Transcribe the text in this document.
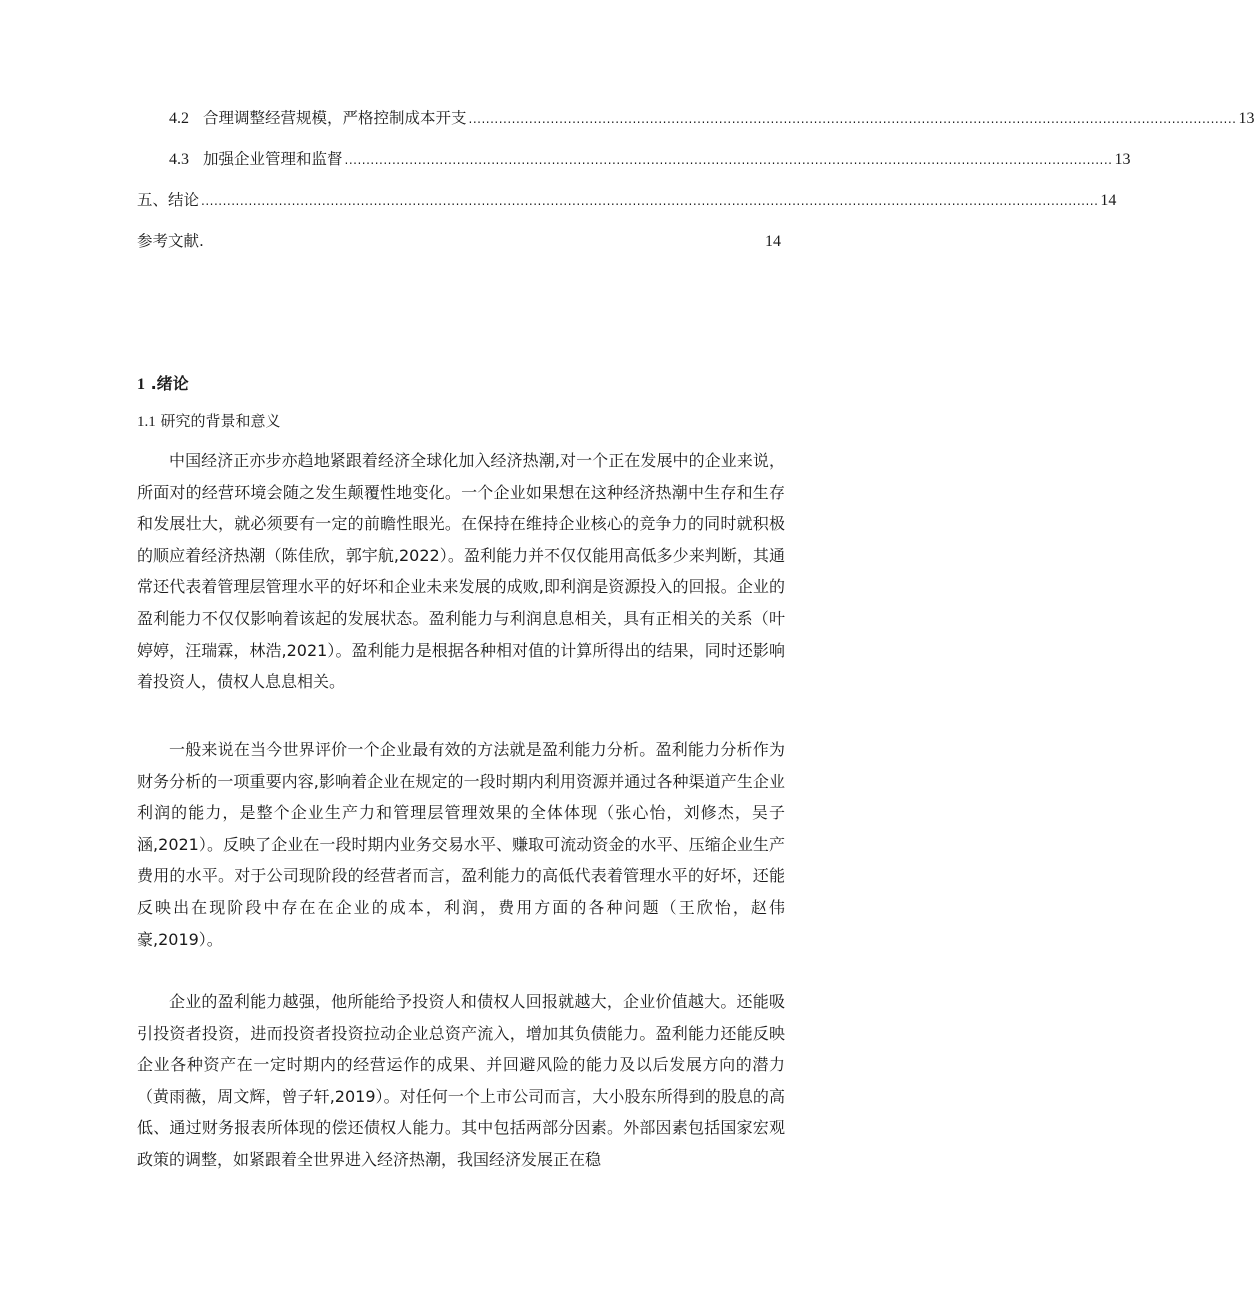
4.2 合理调整经营规模，严格控制成本开支 .................................................................................................................................................................................. 13
4.3 加强企业管理和监督 .................................................................................................................................................................................. 13
五、结论 ................................................................................................................................................................................................................ 14
参考文献.	14
1 .绪论
1.1 研究的背景和意义

中国经济正亦步亦趋地紧跟着经济全球化加入经济热潮,对一个正在发展中的企业来说，所面对的经营环境会随之发生颠覆性地变化。一个企业如果想在这种经济热潮中生存和生存和发展壮大，就必须要有一定的前瞻性眼光。在保持在维持企业核心的竞争力的同时就积极的顺应着经济热潮（陈佳欣，郭宇航,2022）。盈利能力并不仅仅能用高低多少来判断，其通常还代表着管理层管理水平的好坏和企业未来发展的成败,即利润是资源投入的回报。企业的盈利能力不仅仅影响着该起的发展状态。盈利能力与利润息息相关，具有正相关的关系（叶婷婷，汪瑞霖，林浩,2021）。盈利能力是根据各种相对值的计算所得出的结果，同时还影响着投资人，债权人息息相关。

一般来说在当今世界评价一个企业最有效的方法就是盈利能力分析。盈利能力分析作为财务分析的一项重要内容,影响着企业在规定的一段时期内利用资源并通过各种渠道产生企业利润的能力，是整个企业生产力和管理层管理效果的全体体现（张心怡，刘修杰，吴子涵,2021）。反映了企业在一段时期内业务交易水平、赚取可流动资金的水平、压缩企业生产费用的水平。对于公司现阶段的经营者而言，盈利能力的高低代表着管理水平的好坏，还能反映出在现阶段中存在在企业的成本，利润，费用方面的各种问题（王欣怡，赵伟豪,2019）。

企业的盈利能力越强，他所能给予投资人和债权人回报就越大，企业价值越大。还能吸引投资者投资，进而投资者投资拉动企业总资产流入，增加其负债能力。盈利能力还能反映企业各种资产在一定时期内的经营运作的成果、并回避风险的能力及以后发展方向的潜力（黄雨薇，周文辉，曾子轩,2019）。对任何一个上市公司而言，大小股东所得到的股息的高低、通过财务报表所体现的偿还债权人能力。其中包括两部分因素。外部因素包括国家宏观政策的调整，如紧跟着全世界进入经济热潮，我国经济发展正在稳
